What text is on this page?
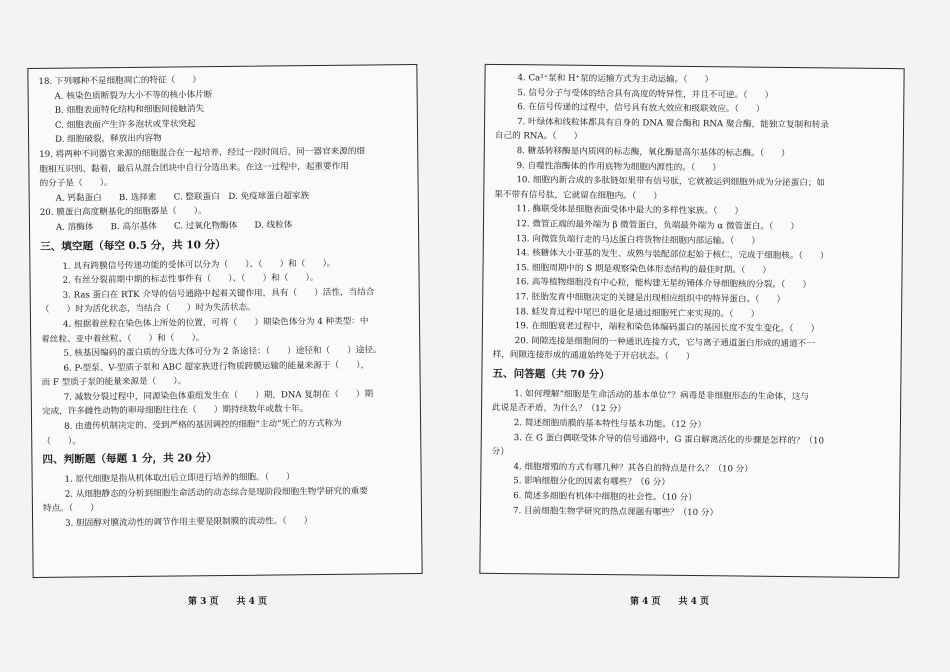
18. 下列哪种不是细胞凋亡的特征（　　）
A. 核染色质断裂为大小不等的核小体片断
B. 细胞表面特化结构和细胞间接触消失
C. 细胞表面产生许多泡状或芽状突起
D. 细胞破裂，释放出内容物
19. 将两种不同器官来源的细胞混合在一起培养，经过一段时间后，同一器官来源的细
胞相互识别、黏着，最后从混合团块中自行分选出来。在这一过程中，起重要作用
的分子是（　　）。
A. 钙黏蛋白　　B. 选择素　　C. 整联蛋白　D. 免疫球蛋白超家族
20. 膜蛋白高度糖基化的细胞器是（　　）。
A. 溶酶体　　B. 高尔基体　　C. 过氧化物酶体　　D. 线粒体
三、填空题（每空 0.5 分，共 10 分）
1. 具有跨膜信号传递功能的受体可以分为（　　）、（　　）和（　　）。
2. 有丝分裂前期中期的标志性事件有（　　）、（　　）和（　　）。
3. Ras 蛋白在 RTK 介导的信号通路中起着关键作用，具有（　　）活性，当结合
（　　）时为活化状态，当结合（　　）时为失活状态。
4. 根据着丝粒在染色体上所处的位置，可将（　　）期染色体分为 4 种类型：中
着丝粒、亚中着丝粒、（　　）和（　　）。
5. 核基因编码的蛋白质的分选大体可分为 2 条途径：（　　）途径和（　　）途径。
6. P-型泵、V-型质子泵和 ABC 超家族进行物质跨膜运输的能量来源于（　　），
而 F 型质子泵的能量来源是（　　）。
7. 减数分裂过程中，同源染色体重组发生在（　　）期，DNA 复制在（　　）期
完成，许多雌性动物的卵母细胞往往在（　　）期持续数年或数十年。
8. 由遗传机制决定的、受到严格的基因调控的细胞“主动”死亡的方式称为
（　　）。
四、判断题（每题 1 分，共 20 分）
1. 原代细胞是指从机体取出后立即进行培养的细胞。（　　）
2. 从细胞静态的分析到细胞生命活动的动态综合是现阶段细胞生物学研究的重要
特点。（　　）
3. 胆固醇对膜流动性的调节作用主要是限制膜的流动性。（　　）
4. Ca²⁺泵和 H⁺泵的运输方式为主动运输。（　　）
5. 信号分子与受体的结合具有高度的特异性，并且不可逆。（　　）
6. 在信号传递的过程中，信号具有放大效应和级联效应。（　　）
7. 叶绿体和线粒体都具有自身的 DNA 聚合酶和 RNA 聚合酶，能独立复制和转录
自己的 RNA。（　　）
8. 糖基转移酶是内质网的标志酶，氧化酶是高尔基体的标志酶。（　　）
9. 自噬性溶酶体的作用底物为细胞内源性的。（　　）
10. 细胞内新合成的多肽链如果带有信号肽，它就被运到细胞外成为分泌蛋白；如
果不带有信号肽，它就留在细胞内。（　　）
11. 酶联受体是细胞表面受体中最大的多样性家族。（　　）
12. 微管正端的最外端为 β 微管蛋白，负端最外端为 α 微管蛋白。（　　）
13. 向微管负端行走的马达蛋白将货物往细胞内部运输。（　　）
14. 核糖体大小亚基的发生、成熟与装配部位起始于核仁，完成于细胞核。（　　）
15. 细胞周期中的 S 期是观察染色体形态结构的最佳时期。（　　）
16. 高等植物细胞没有中心粒，能构建无星纺锤体介导细胞核的分裂。（　　）
17. 胚胎发育中细胞决定的关键是出现相应组织中的特异蛋白。（　　）
18. 蛙发育过程中尾巴的退化是通过细胞死亡来实现的。（　　）
19. 在细胞衰老过程中，端粒和染色体编码蛋白的基因长度不发生变化。（　　）
20. 间隙连接是细胞间的一种通讯连接方式，它与离子通道蛋白形成的通道不一
样，间隙连接形成的通道始终处于开启状态。（　　）
五、问答题（共 70 分）
1. 如何理解“细胞是生命活动的基本单位”？病毒是非细胞形态的生命体，这与
此说是否矛盾，为什么？（12 分）
2. 简述细胞质膜的基本特性与基本功能。（12 分）
3. 在 G 蛋白偶联受体介导的信号通路中，G 蛋白解离活化的步骤是怎样的？（10
分）
4. 细胞增殖的方式有哪几种？其各自的特点是什么？（10 分）
5. 影响细胞分化的因素有哪些？（6 分）
6. 简述多细胞有机体中细胞的社会性。（10 分）
7. 目前细胞生物学研究的热点课题有哪些？（10 分）
第 3 页　　共 4 页	第 4 页　　共 4 页
